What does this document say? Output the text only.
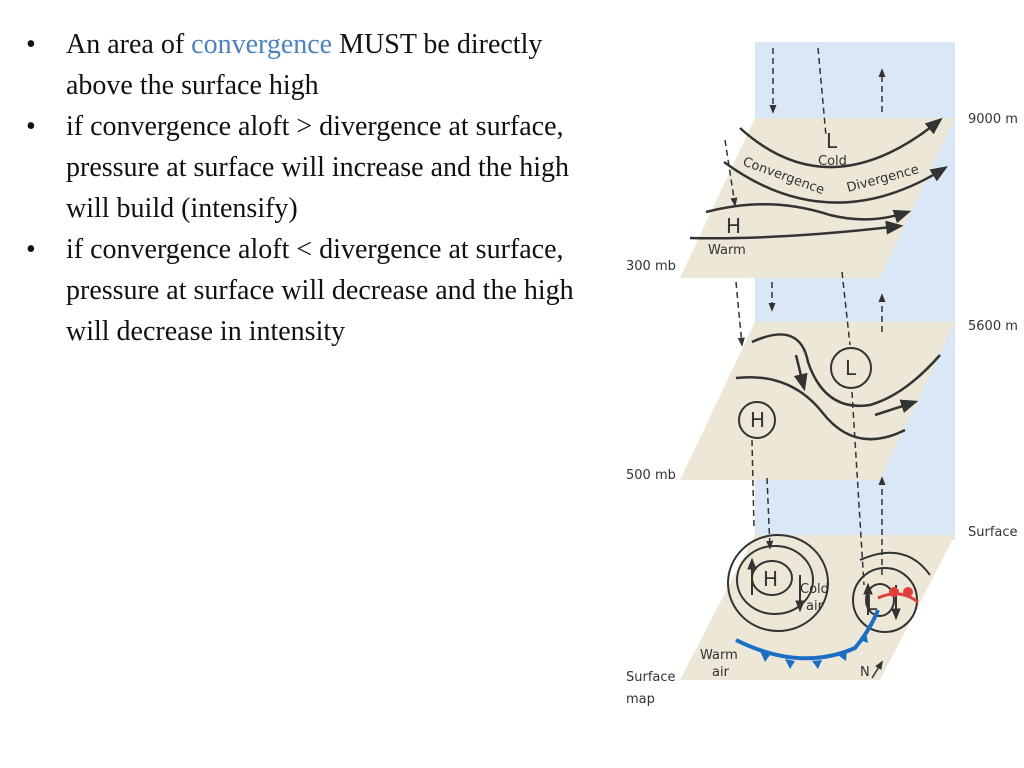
• An area of convergence MUST be directly above the surface high
• if convergence aloft > divergence at surface, pressure at surface will increase and the high will build (intensify)
• if convergence aloft < divergence at surface, pressure at surface will decrease and the high will decrease in intensity
L
Cold
Convergence Divergence
H
Warm
L
H
H Cold
air L
Warm
air	N
9000 m
5600 m
Surface
300 mb
500 mb
Surface
map
